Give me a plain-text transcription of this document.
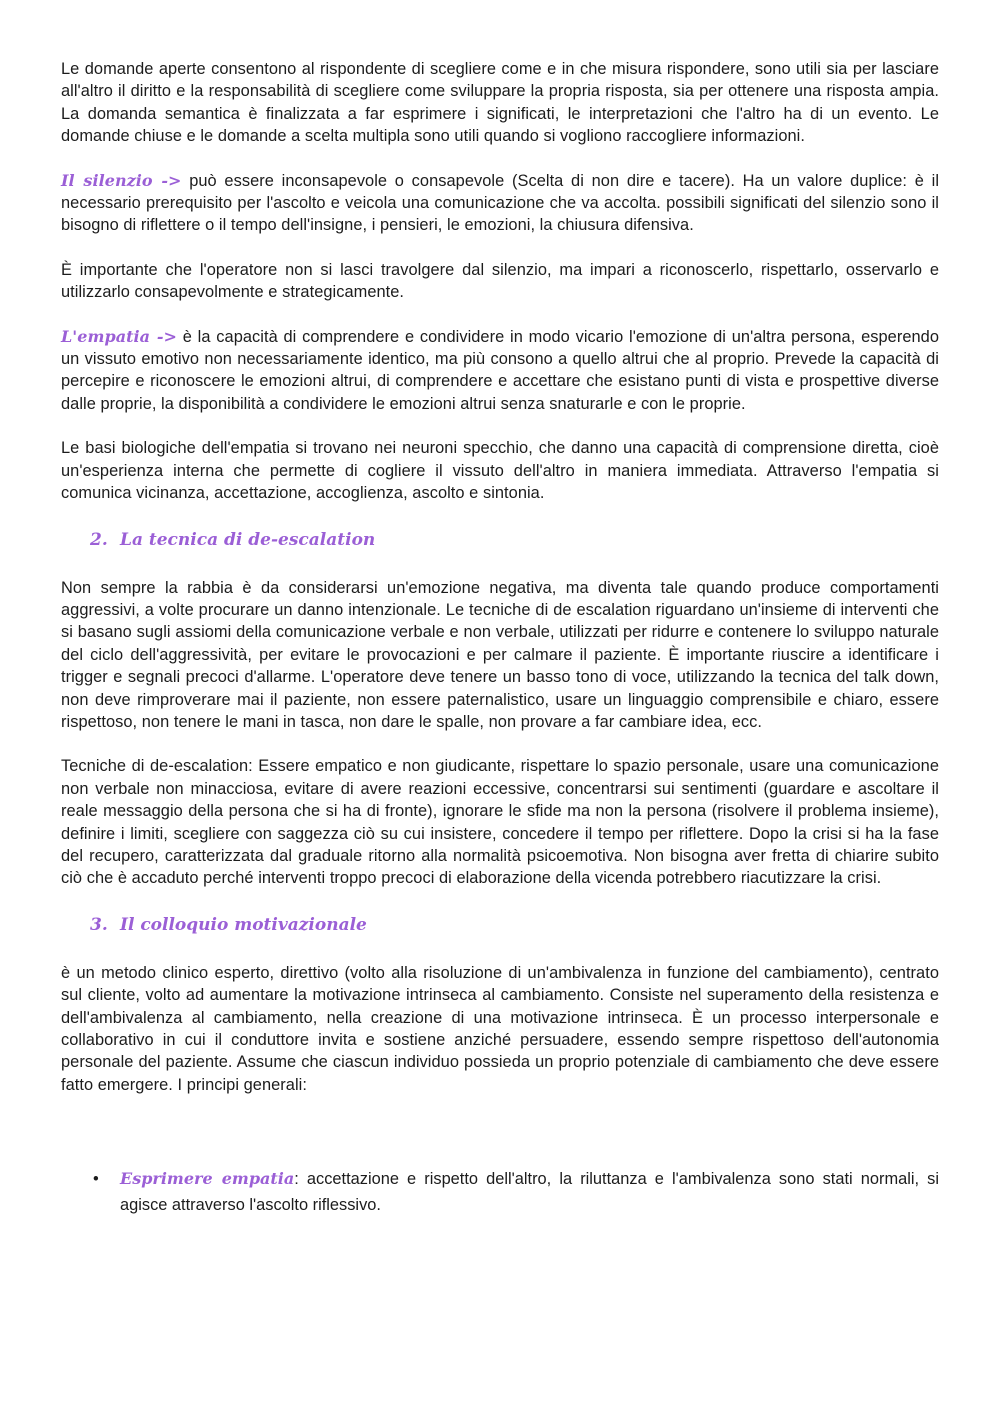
Le domande aperte consentono al rispondente di scegliere come e in che misura rispondere, sono utili sia per lasciare all'altro il diritto e la responsabilità di scegliere come sviluppare la propria risposta, sia per ottenere una risposta ampia. La domanda semantica è finalizzata a far esprimere i significati, le interpretazioni che l'altro ha di un evento. Le domande chiuse e le domande a scelta multipla sono utili quando si vogliono raccogliere informazioni.

Il silenzio -> può essere inconsapevole o consapevole (Scelta di non dire e tacere). Ha un valore duplice: è il necessario prerequisito per l'ascolto e veicola una comunicazione che va accolta. possibili significati del silenzio sono il bisogno di riflettere o il tempo dell'insigne, i pensieri, le emozioni, la chiusura difensiva.

È importante che l'operatore non si lasci travolgere dal silenzio, ma impari a riconoscerlo, rispettarlo, osservarlo e utilizzarlo consapevolmente e strategicamente.

L'empatia -> è la capacità di comprendere e condividere in modo vicario l'emozione di un'altra persona, esperendo un vissuto emotivo non necessariamente identico, ma più consono a quello altrui che al proprio. Prevede la capacità di percepire e riconoscere le emozioni altrui, di comprendere e accettare che esistano punti di vista e prospettive diverse dalle proprie, la disponibilità a condividere le emozioni altrui senza snaturarle e con le proprie.

Le basi biologiche dell'empatia si trovano nei neuroni specchio, che danno una capacità di comprensione diretta, cioè un'esperienza interna che permette di cogliere il vissuto dell'altro in maniera immediata. Attraverso l'empatia si comunica vicinanza, accettazione, accoglienza, ascolto e sintonia.

2. La tecnica di de-escalation

Non sempre la rabbia è da considerarsi un'emozione negativa, ma diventa tale quando produce comportamenti aggressivi, a volte procurare un danno intenzionale. Le tecniche di de escalation riguardano un'insieme di interventi che si basano sugli assiomi della comunicazione verbale e non verbale, utilizzati per ridurre e contenere lo sviluppo naturale del ciclo dell'aggressività, per evitare le provocazioni e per calmare il paziente. È importante riuscire a identificare i trigger e segnali precoci d'allarme. L'operatore deve tenere un basso tono di voce, utilizzando la tecnica del talk down, non deve rimproverare mai il paziente, non essere paternalistico, usare un linguaggio comprensibile e chiaro, essere rispettoso, non tenere le mani in tasca, non dare le spalle, non provare a far cambiare idea, ecc.

Tecniche di de-escalation: Essere empatico e non giudicante, rispettare lo spazio personale, usare una comunicazione non verbale non minacciosa, evitare di avere reazioni eccessive, concentrarsi sui sentimenti (guardare e ascoltare il reale messaggio della persona che si ha di fronte), ignorare le sfide ma non la persona (risolvere il problema insieme), definire i limiti, scegliere con saggezza ciò su cui insistere, concedere il tempo per riflettere. Dopo la crisi si ha la fase del recupero, caratterizzata dal graduale ritorno alla normalità psicoemotiva. Non bisogna aver fretta di chiarire subito ciò che è accaduto perché interventi troppo precoci di elaborazione della vicenda potrebbero riacutizzare la crisi.

3. Il colloquio motivazionale

è un metodo clinico esperto, direttivo (volto alla risoluzione di un'ambivalenza in funzione del cambiamento), centrato sul cliente, volto ad aumentare la motivazione intrinseca al cambiamento. Consiste nel superamento della resistenza e dell'ambivalenza al cambiamento, nella creazione di una motivazione intrinseca. È un processo interpersonale e collaborativo in cui il conduttore invita e sostiene anziché persuadere, essendo sempre rispettoso dell'autonomia personale del paziente. Assume che ciascun individuo possieda un proprio potenziale di cambiamento che deve essere fatto emergere. I principi generali:

• Esprimere empatia: accettazione e rispetto dell'altro, la riluttanza e l'ambivalenza sono stati normali, si agisce attraverso l'ascolto riflessivo.
